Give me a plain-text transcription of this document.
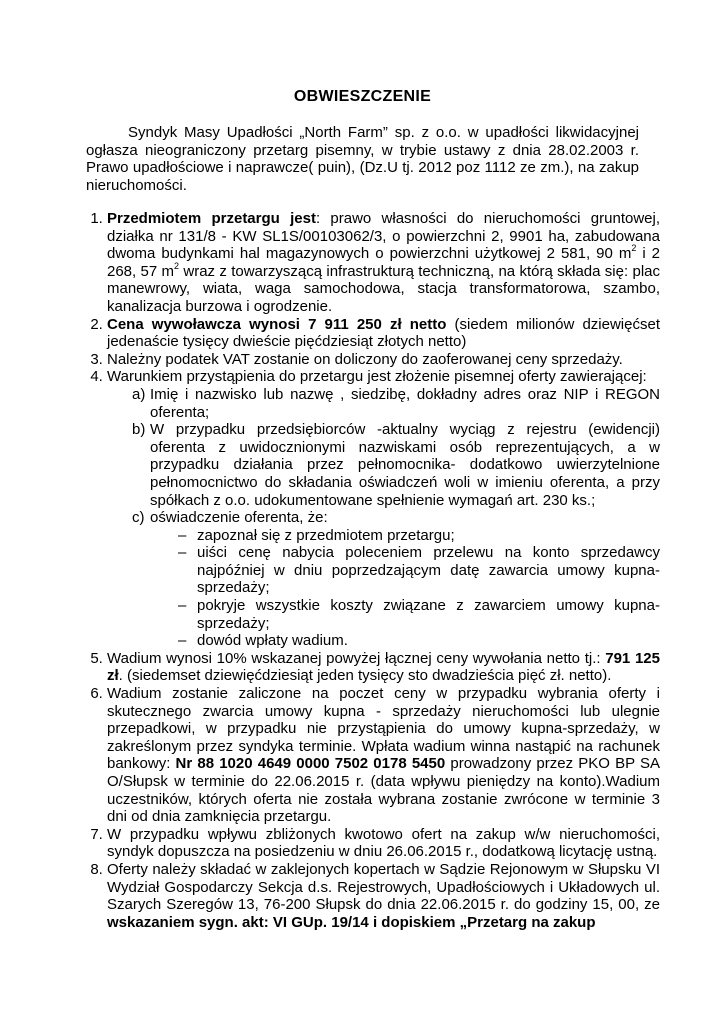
OBWIESZCZENIE

Syndyk Masy Upadłości „North Farm” sp. z o.o. w upadłości likwidacyjnej ogłasza nieograniczony przetarg pisemny, w trybie ustawy z dnia 28.02.2003 r. Prawo upadłościowe i naprawcze( puin), (Dz.U tj. 2012 poz 1112 ze zm.), na zakup nieruchomości.

1. Przedmiotem przetargu jest: prawo własności do nieruchomości gruntowej, działka nr 131/8 - KW SL1S/00103062/3, o powierzchni 2, 9901 ha, zabudowana dwoma budynkami hal magazynowych o powierzchni użytkowej 2 581, 90 $m^2$ i 2 268, 57 $m^2$ wraz z towarzyszącą infrastrukturą techniczną, na którą składa się: plac manewrowy, wiata, waga samochodowa, stacja transformatorowa, szambo, kanalizacja burzowa i ogrodzenie.
2. Cena wywoławcza wynosi 7 911 250 zł netto (siedem milionów dziewięćset jedenaście tysięcy dwieście pięćdziesiąt złotych netto)
3. Należny podatek VAT zostanie on doliczony do zaoferowanej ceny sprzedaży.
4. Warunkiem przystąpienia do przetargu jest złożenie pisemnej oferty zawierającej:
a) Imię i nazwisko lub nazwę , siedzibę, dokładny adres oraz NIP i REGON oferenta;
b) W przypadku przedsiębiorców -aktualny wyciąg z rejestru (ewidencji) oferenta z uwidocznionymi nazwiskami osób reprezentujących, a w przypadku działania przez pełnomocnika- dodatkowo uwierzytelnione pełnomocnictwo do składania oświadczeń woli w imieniu oferenta, a przy spółkach z o.o. udokumentowane spełnienie wymagań art. 230 ks.;
c) oświadczenie oferenta, że:
– zapoznał się z przedmiotem przetargu;
– uiści cenę nabycia poleceniem przelewu na konto sprzedawcy najpóźniej w dniu poprzedzającym datę zawarcia umowy kupna-sprzedaży;
– pokryje wszystkie koszty związane z zawarciem umowy kupna-sprzedaży;
– dowód wpłaty wadium.
5. Wadium wynosi 10% wskazanej powyżej łącznej ceny wywołania netto tj.: 791 125 zł. (siedemset dziewięćdziesiąt jeden tysięcy sto dwadzieścia pięć zł. netto).
6. Wadium zostanie zaliczone na poczet ceny w przypadku wybrania oferty i skutecznego zwarcia umowy kupna - sprzedaży nieruchomości lub ulegnie przepadkowi, w przypadku nie przystąpienia do umowy kupna-sprzedaży, w zakreślonym przez syndyka terminie. Wpłata wadium winna nastąpić na rachunek bankowy: Nr 88 1020 4649 0000 7502 0178 5450 prowadzony przez PKO BP SA O/Słupsk w terminie do 22.06.2015 r. (data wpływu pieniędzy na konto).Wadium uczestników, których oferta nie została wybrana zostanie zwrócone w terminie 3 dni od dnia zamknięcia przetargu.
7. W przypadku wpływu zbliżonych kwotowo ofert na zakup w/w nieruchomości, syndyk dopuszcza na posiedzeniu w dniu 26.06.2015 r., dodatkową licytację ustną.
8. Oferty należy składać w zaklejonych kopertach w Sądzie Rejonowym w Słupsku VI Wydział Gospodarczy Sekcja d.s. Rejestrowych, Upadłościowych i Układowych ul. Szarych Szeregów 13, 76-200 Słupsk do dnia 22.06.2015 r. do godziny 15, 00, ze wskazaniem sygn. akt: VI GUp. 19/14 i dopiskiem „Przetarg na zakup
